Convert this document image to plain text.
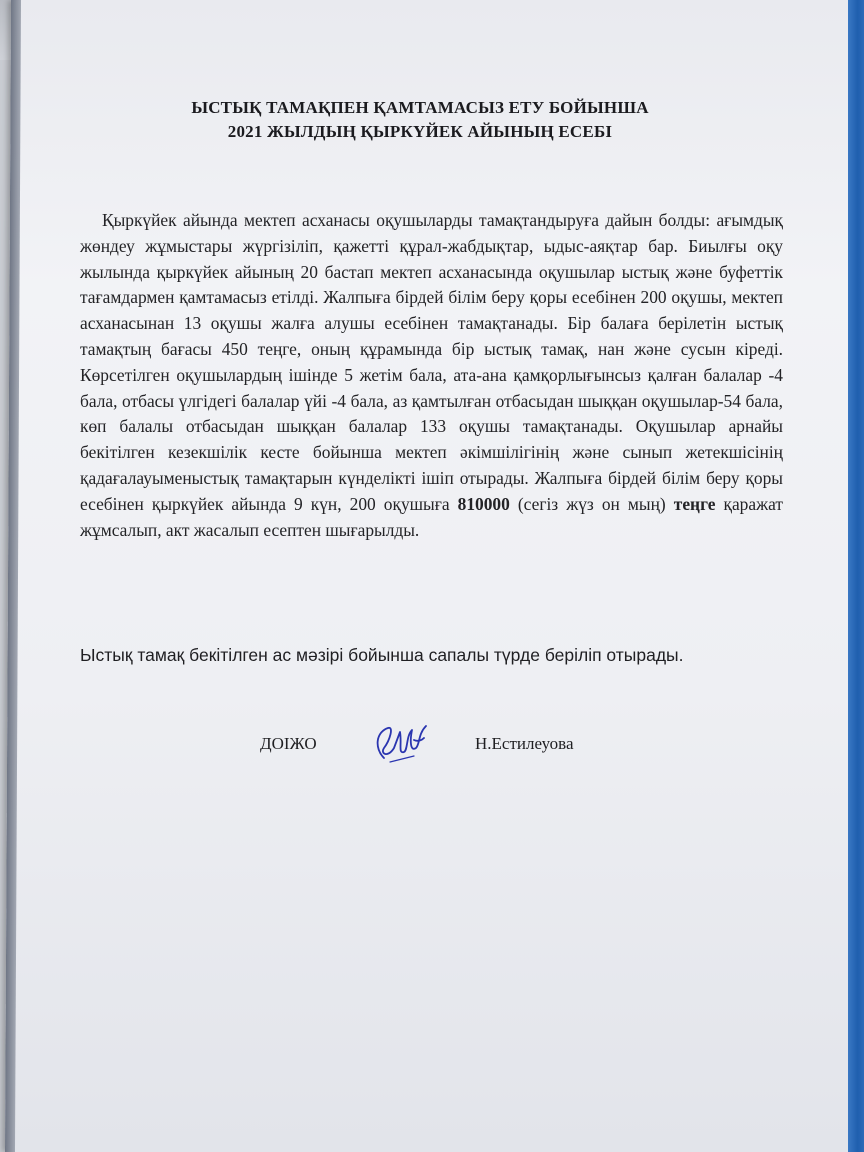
ЫСТЫҚ ТАМАҚПЕН ҚАМТАМАСЫЗ ЕТУ БОЙЫНША
2021 ЖЫЛДЫҢ ҚЫРКҮЙЕК АЙЫНЫҢ ЕСЕБІ
Қыркүйек айында мектеп асханасы оқушыларды тамақтандыруға дайын болды: ағымдық жөндеу жұмыстары жүргізіліп, қажетті құрал-жабдықтар, ыдыс-аяқтар бар. Биылғы оқу жылында қыркүйек айының 20 бастап мектеп асханасында оқушылар ыстық және буфеттік тағамдармен қамтамасыз етілді. Жалпыға бірдей білім беру қоры есебінен 200 оқушы, мектеп асханасынан 13 оқушы жалға алушы есебінен тамақтанады. Бір балаға берілетін ыстық тамақтың бағасы 450 теңге, оның құрамында бір ыстық тамақ, нан және сусын кіреді. Көрсетілген оқушылардың ішінде 5 жетім бала, ата-ана қамқорлығынсыз қалған балалар -4 бала, отбасы үлгідегі балалар үйі -4 бала, аз қамтылған отбасыдан шыққан оқушылар-54 бала, көп балалы отбасыдан шыққан балалар 133 оқушы тамақтанады. Оқушылар арнайы бекітілген кезекшілік кесте бойынша мектеп әкімшілігінің және сынып жетекшісінің қадағалауыменыстық тамақтарын күнделікті ішіп отырады. Жалпыға бірдей білім беру қоры есебінен қыркүйек айында 9 күн, 200 оқушыға 810000 (сегіз жүз он мың) теңге қаражат жұмсалып, акт жасалып есептен шығарылды.
Ыстық тамақ бекітілген ас мәзірі бойынша сапалы түрде беріліп отырады.
ДОІЖО	Н.Естилеуова
